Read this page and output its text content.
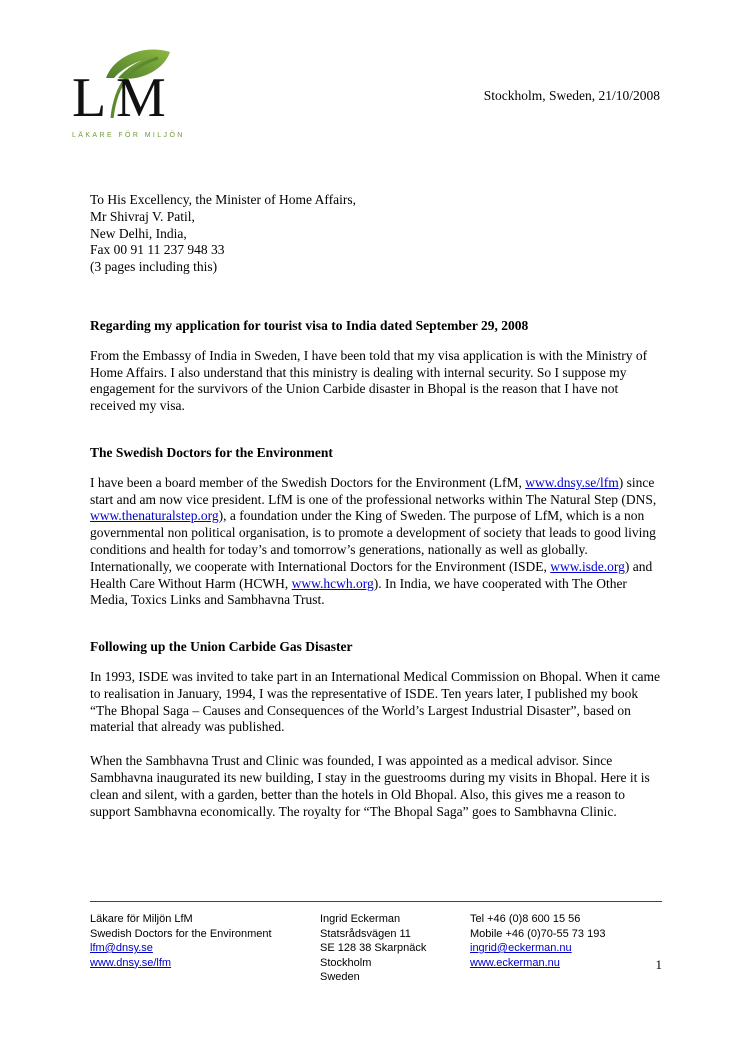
L M
LÄKARE FÖR MILJÖN
Stockholm, Sweden, 21/10/2008
To His Excellency, the Minister of Home Affairs,
Mr Shivraj V. Patil,
New Delhi, India,
Fax 00 91 11 237 948 33
(3 pages including this)
Regarding my application for tourist visa to India dated September 29, 2008

From the Embassy of India in Sweden, I have been told that my visa application is with the Ministry of Home Affairs. I also understand that this ministry is dealing with internal security. So I suppose my engagement for the survivors of the Union Carbide disaster in Bhopal is the reason that I have not received my visa.

The Swedish Doctors for the Environment

I have been a board member of the Swedish Doctors for the Environment (LfM, www.dnsy.se/lfm) since start and am now vice president. LfM is one of the professional networks within The Natural Step (DNS, www.thenaturalstep.org), a foundation under the King of Sweden. The purpose of LfM, which is a non governmental non political organisation, is to promote a development of society that leads to good living conditions and health for today’s and tomorrow’s generations, nationally as well as globally. Internationally, we cooperate with International Doctors for the Environment (ISDE, www.isde.org) and Health Care Without Harm (HCWH, www.hcwh.org). In India, we have cooperated with The Other Media, Toxics Links and Sambhavna Trust.

Following up the Union Carbide Gas Disaster

In 1993, ISDE was invited to take part in an International Medical Commission on Bhopal. When it came to realisation in January, 1994, I was the representative of ISDE. Ten years later, I published my book “The Bhopal Saga – Causes and Consequences of the World’s Largest Industrial Disaster”, based on material that already was published.

When the Sambhavna Trust and Clinic was founded, I was appointed as a medical advisor. Since Sambhavna inaugurated its new building, I stay in the guestrooms during my visits in Bhopal. Here it is clean and silent, with a garden, better than the hotels in Old Bhopal. Also, this gives me a reason to support Sambhavna economically. The royalty for “The Bhopal Saga” goes to Sambhavna Clinic.

Läkare för Miljön LfM
Swedish Doctors for the Environment
lfm@dnsy.se
www.dnsy.se/lfm
Ingrid Eckerman
Statsrådsvägen 11
SE 128 38 Skarpnäck
Stockholm
Sweden
Tel +46 (0)8 600 15 56
Mobile +46 (0)70-55 73 193
ingrid@eckerman.nu
www.eckerman.nu	1
